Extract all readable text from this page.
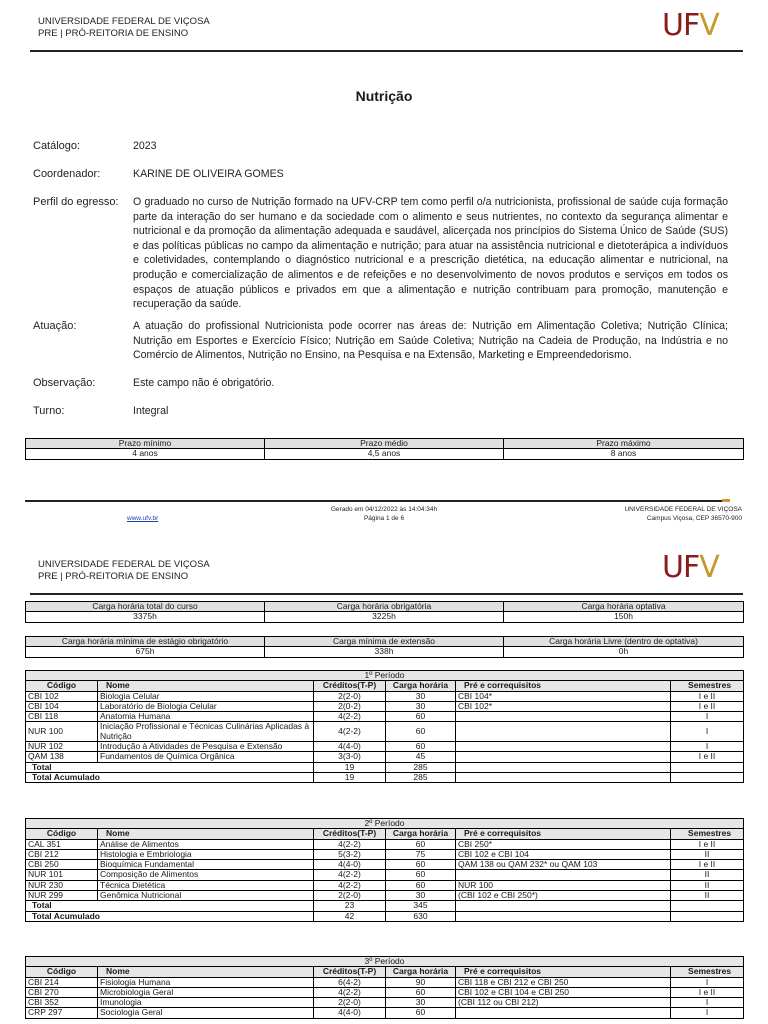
UNIVERSIDADE FEDERAL DE VIÇOSA
PRE | PRÓ-REITORIA DE ENSINO	UFV
Nutrição
Catálogo:	2023
Coordenador:	KARINE DE OLIVEIRA GOMES
Perfil do egresso: O graduado no curso de Nutrição formado na UFV-CRP tem como perfil o/a nutricionista, profissional de saúde cuja formação parte da interação do ser humano e da sociedade com o alimento e seus nutrientes, no contexto da segurança alimentar e nutricional e da promoção da alimentação adequada e saudável, alicerçada nos princípios do Sistema Único de Saúde (SUS) e das políticas públicas no campo da alimentação e nutrição; para atuar na assistência nutricional e dietoterápica a indivíduos e coletividades, contemplando o diagnóstico nutricional e a prescrição dietética, na educação alimentar e nutricional, na produção e comercialização de alimentos e de refeições e no desenvolvimento de novos produtos e serviços em todos os espaços de atuação públicos e privados em que a alimentação e nutrição contribuam para promoção, manutenção e recuperação da saúde.
Atuação:	A atuação do profissional Nutricionista pode ocorrer nas áreas de: Nutrição em Alimentação Coletiva; Nutrição Clínica; Nutrição em Esportes e Exercício Físico; Nutrição em Saúde Coletiva; Nutrição na Cadeia de Produção, na Indústria e no Comércio de Alimentos, Nutrição no Ensino, na Pesquisa e na Extensão, Marketing e Empreendedorismo.
Observação:	Este campo não é obrigatório.
Turno:	Integral
Prazo mínimo	Prazo médio	Prazo máximo
4 anos	4,5 anos	8 anos
www.ufv.br
Gerado em 04/12/2022 às 14:04:34h
Página 1 de 6
UNIVERSIDADE FEDERAL DE VIÇOSA
Campus Viçosa, CEP 36570-900
UNIVERSIDADE FEDERAL DE VIÇOSA
PRE | PRÓ-REITORIA DE ENSINO	UFV
Carga horária total do curso	Carga horária obrigatória	Carga horária optativa
3375h	3225h	150h
Carga horária mínima de estágio obrigatório	Carga mínima de extensão	Carga horária Livre (dentro de optativa)
675h	338h	0h
1º Período					
Código	Nome	Créditos(T-P)	Carga horária	Pré e correquisitos	Semestres
CBI 102	Biologia Celular	2(2-0)	30	CBI 104*	I e II
CBI 104	Laboratório de Biologia Celular	2(0-2)	30	CBI 102*	I e II
CBI 118	Anatomia Humana	4(2-2)	60		I
NUR 100	Iniciação Profissional e Técnicas Culinárias Aplicadas à Nutrição	4(2-2)	60		I
NUR 102	Introdução à Atividades de Pesquisa e Extensão	4(4-0)	60		I
QAM 138	Fundamentos de Química Orgânica	3(3-0)	45		I e II
Total		19	285		
Total Acumulado		19	285		
2º Período					
Código	Nome	Créditos(T-P)	Carga horária	Pré e correquisitos	Semestres
CAL 351	Análise de Alimentos	4(2-2)	60	CBI 250*	I e II
CBI 212	Histologia e Embriologia	5(3-2)	75	CBI 102 e CBI 104	II
CBI 250	Bioquímica Fundamental	4(4-0)	60	QAM 138 ou QAM 232* ou QAM 103	I e II
NUR 101	Composição de Alimentos	4(2-2)	60		II
NUR 230	Técnica Dietética	4(2-2)	60	NUR 100	II
NUR 299	Genômica Nutricional	2(2-0)	30	(CBI 102 e CBI 250*)	II
Total		23	345		
Total Acumulado		42	630		
3º Período					
Código	Nome	Créditos(T-P)	Carga horária	Pré e correquisitos	Semestres
CBI 214	Fisiologia Humana	6(4-2)	90	CBI 118 e CBI 212 e CBI 250	I
CBI 270	Microbiologia Geral	4(2-2)	60	CBI 102 e CBI 104 e CBI 250	I e II
CBI 352	Imunologia	2(2-0)	30	(CBI 112 ou CBI 212)	I
CRP 297	Sociologia Geral	4(4-0)	60		I
